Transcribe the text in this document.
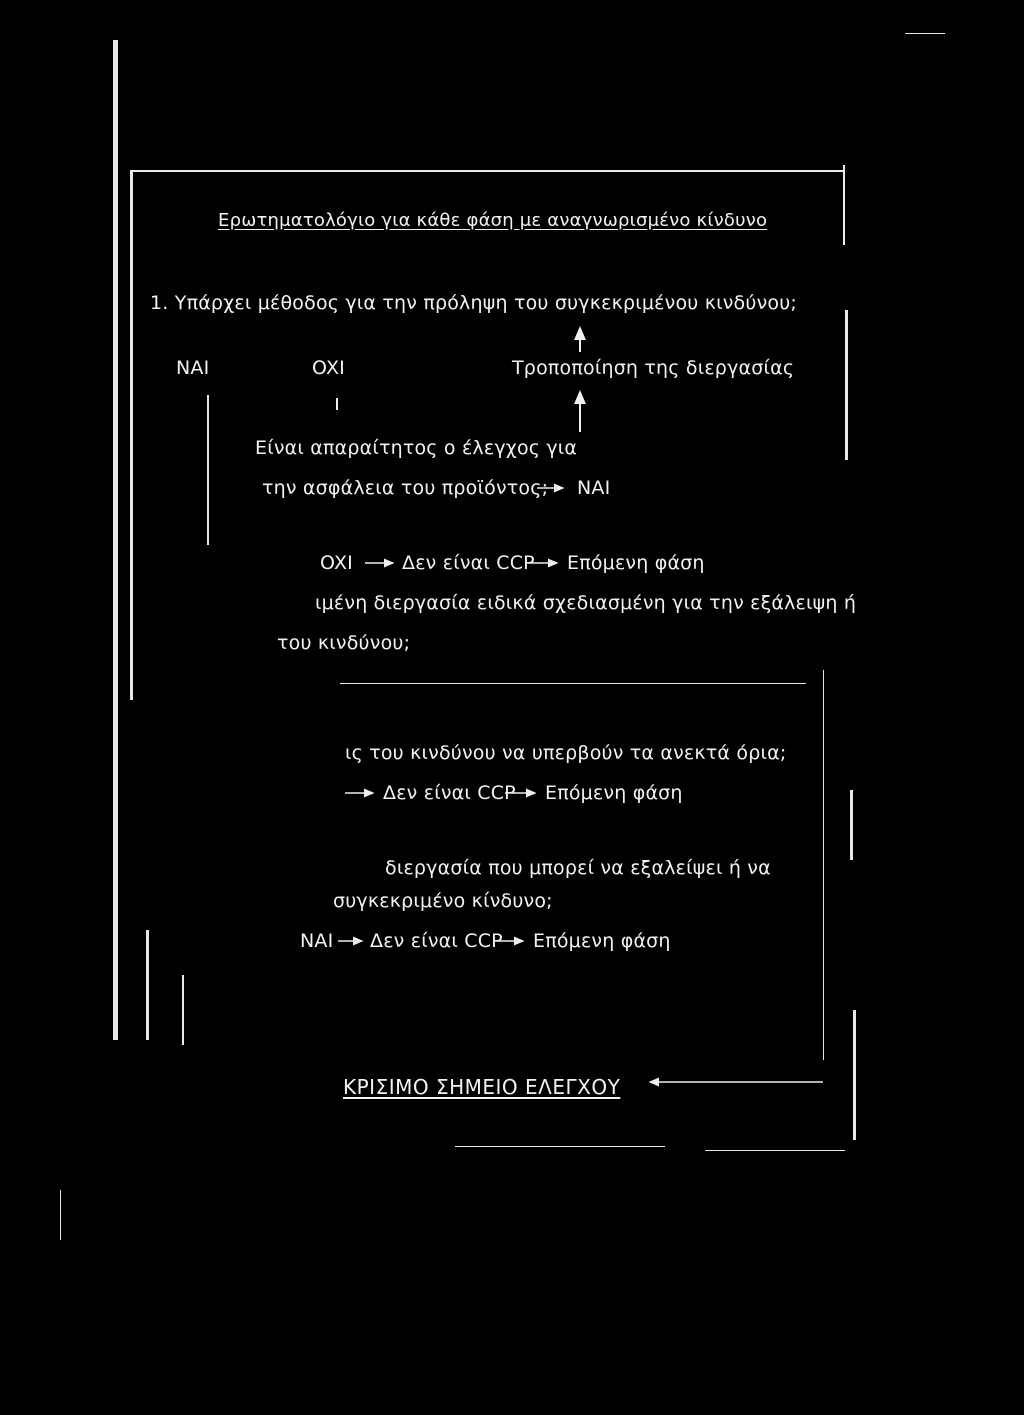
Ερωτηματολόγιο για κάθε φάση με αναγνωρισμένο κίνδυνο
1. Υπάρχει μέθοδος για την πρόληψη του συγκεκριμένου κινδύνου;
NAI	OXI	Τροποποίηση της διεργασίας
Είναι απαραίτητος ο έλεγχος για
την ασφάλεια του προϊόντος; NAI
OXI	Δεν είναι CCP Επόμενη φάση
ιμένη διεργασία ειδικά σχεδιασμένη για την εξάλειψη ή
του κινδύνου;
ις του κινδύνου να υπερβούν τα ανεκτά όρια;
Δεν είναι CCP Επόμενη φάση
διεργασία που μπορεί να εξαλείψει ή να
συγκεκριμένο κίνδυνο;
NAI Δεν είναι CCP Επόμενη φάση
ΚΡΙΣΙΜΟ ΣΗΜΕΙΟ ΕΛΕΓΧΟΥ
